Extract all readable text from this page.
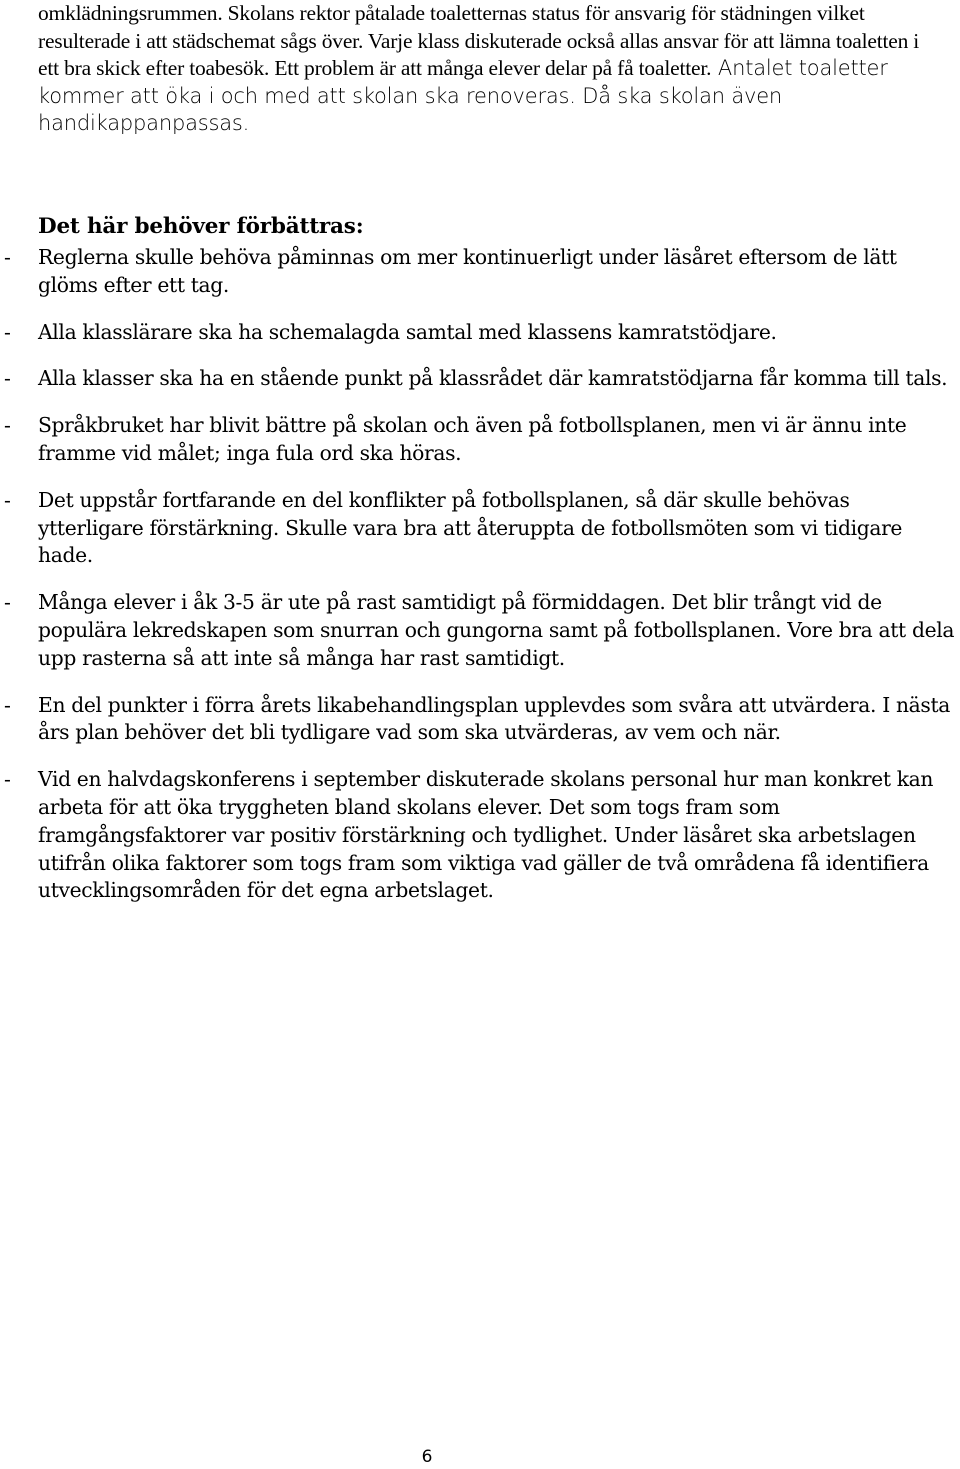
omklädningsrummen. Skolans rektor påtalade toaletternas status för ansvarig för städningen vilket resulterade i att städschemat sågs över. Varje klass diskuterade också allas ansvar för att lämna toaletten i ett bra skick efter toabesök. Ett problem är att många elever delar på få toaletter. Antalet toaletter kommer att öka i och med att skolan ska renoveras. Då ska skolan även handikappanpassas.
Det här behöver förbättras:
- Reglerna skulle behöva påminnas om mer kontinuerligt under läsåret eftersom de lätt glöms efter ett tag.
- Alla klasslärare ska ha schemalagda samtal med klassens kamratstödjare.
- Alla klasser ska ha en stående punkt på klassrådet där kamratstödjarna får komma till tals.
- Språkbruket har blivit bättre på skolan och även på fotbollsplanen, men vi är ännu inte framme vid målet; inga fula ord ska höras.
- Det uppstår fortfarande en del konflikter på fotbollsplanen, så där skulle behövas ytterligare förstärkning. Skulle vara bra att återuppta de fotbollsmöten som vi tidigare hade.
- Många elever i åk 3-5 är ute på rast samtidigt på förmiddagen. Det blir trångt vid de populära lekredskapen som snurran och gungorna samt på fotbollsplanen. Vore bra att dela upp rasterna så att inte så många har rast samtidigt.
- En del punkter i förra årets likabehandlingsplan upplevdes som svåra att utvärdera. I nästa års plan behöver det bli tydligare vad som ska utvärderas, av vem och när.
- Vid en halvdagskonferens i september diskuterade skolans personal hur man konkret kan arbeta för att öka tryggheten bland skolans elever. Det som togs fram som framgångsfaktorer var positiv förstärkning och tydlighet. Under läsåret ska arbetslagen utifrån olika faktorer som togs fram som viktiga vad gäller de två områdena få identifiera utvecklingsområden för det egna arbetslaget.
6
